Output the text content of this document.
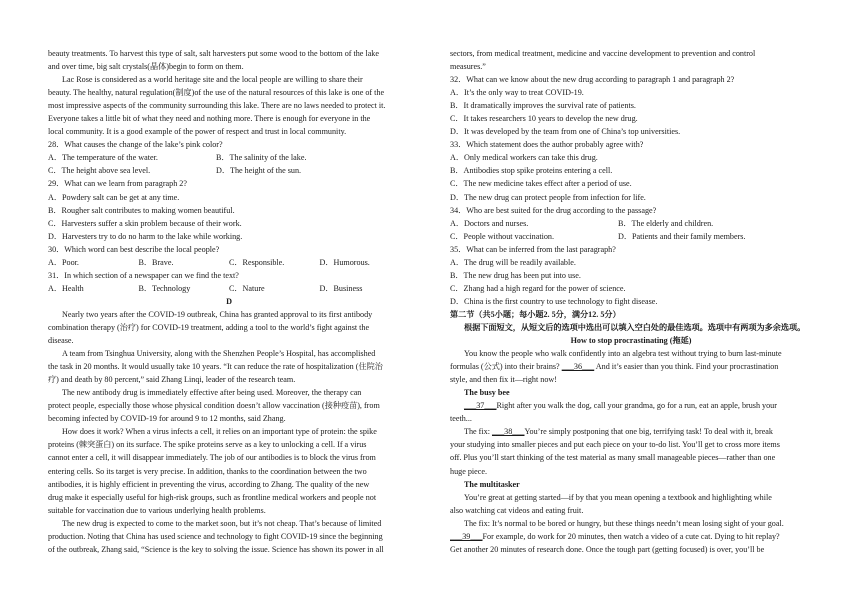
beauty treatments. To harvest this type of salt, salt harvesters put some wood to the bottom of the lake
and over time, big salt crystals(晶体)begin to form on them.
Lac Rose is considered as a world heritage site and the local people are willing to share their
beauty. The healthy, natural regulation(制度)of the use of the natural resources of this lake is one of the
most impressive aspects of the community surrounding this lake. There are no laws needed to protect it.
Everyone takes a little bit of what they need and nothing more. There is enough for everyone in the
local community. It is a good example of the power of respect and trust in local community.
28．What causes the change of the lake’s pink color?
A．The temperature of the water.	B．The salinity of the lake.
C．The height above sea level.	D．The height of the sun.
29．What can we learn from paragraph 2?
A．Powdery salt can be get at any time.
B．Rougher salt contributes to making women beautiful.
C．Harvesters suffer a skin problem because of their work.
D．Harvesters try to do no harm to the lake while working.
30．Which word can best describe the local people?
A．Poor.	B．Brave.	C．Responsible.	D．Humorous.
31．In which section of a newspaper can we find the text?
A．Health	B．Technology	C．Nature	D．Business
D
Nearly two years after the COVID-19 outbreak, China has granted approval to its first antibody
combination therapy (治疗) for COVID-19 treatment, adding a tool to the world’s fight against the
disease.
A team from Tsinghua University, along with the Shenzhen People’s Hospital, has accomplished
the task in 20 months. It would usually take 10 years. “It can reduce the rate of hospitalization (住院治
疗) and death by 80 percent,” said Zhang Linqi, leader of the research team.
The new antibody drug is immediately effective after being used. Moreover, the therapy can
protect people, especially those whose physical condition doesn’t allow vaccination (接种疫苗), from
becoming infected by COVID-19 for around 9 to 12 months, said Zhang.
How does it work? When a virus infects a cell, it relies on an important type of protein: the spike
proteins (棘突蛋白) on its surface. The spike proteins serve as a key to unlocking a cell. If a virus
cannot enter a cell, it will disappear immediately. The job of our antibodies is to block the virus from
entering cells. So its target is very precise. In addition, thanks to the coordination between the two
antibodies, it is highly efficient in preventing the virus, according to Zhang. The quality of the new
drug make it especially useful for high-risk groups, such as frontline medical workers and people not
suitable for vaccination due to various underlying health problems.
The new drug is expected to come to the market soon, but it’s not cheap. That’s because of limited
production. Noting that China has used science and technology to fight COVID-19 since the beginning
of the outbreak, Zhang said, “Science is the key to solving the issue. Science has shown its power in all
sectors, from medical treatment, medicine and vaccine development to prevention and control
measures.”
32．What can we know about the new drug according to paragraph 1 and paragraph 2?
A．It’s the only way to treat COVID-19.
B．It dramatically improves the survival rate of patients.
C．It takes researchers 10 years to develop the new drug.
D．It was developed by the team from one of China’s top universities.
33．Which statement does the author probably agree with?
A．Only medical workers can take this drug.
B．Antibodies stop spike proteins entering a cell.
C．The new medicine takes effect after a period of use.
D．The new drug can protect people from infection for life.
34．Who are best suited for the drug according to the passage?
A．Doctors and nurses.	B．The elderly and children.
C．People without vaccination.	D．Patients and their family members.
35．What can be inferred from the last paragraph?
A．The drug will be readily available.
B．The new drug has been put into use.
C．Zhang had a high regard for the power of science.
D．China is the first country to use technology to fight disease.
第二节（共5小题；每小题2. 5分，满分12. 5分）
根据下面短文，从短文后的选项中选出可以填入空白处的最佳选项。选项中有两项为多余选项。
How to stop procrastinating (拖延)
You know the people who walk confidently into an algebra test without trying to burn last-minute
formulas (公式) into their brains? ___36___ And it’s easier than you think. Find your procrastination
style, and then fix it—right now!
The busy bee
___37___Right after you walk the dog, call your grandma, go for a run, eat an apple, brush your
teeth...
The fix: ___38___You’re simply postponing that one big, terrifying task! To deal with it, break
your studying into smaller pieces and put each piece on your to-do list. You’ll get to cross more items
off. Plus you’ll start thinking of the test material as many small manageable pieces—rather than one
huge piece.
The multitasker
You’re great at getting started—if by that you mean opening a textbook and highlighting while
also watching cat videos and eating fruit.
The fix: It’s normal to be bored or hungry, but these things needn’t mean losing sight of your goal.
___39___For example, do work for 20 minutes, then watch a video of a cute cat. Dying to hit replay?
Get another 20 minutes of research done. Once the tough part (getting focused) is over, you’ll be
